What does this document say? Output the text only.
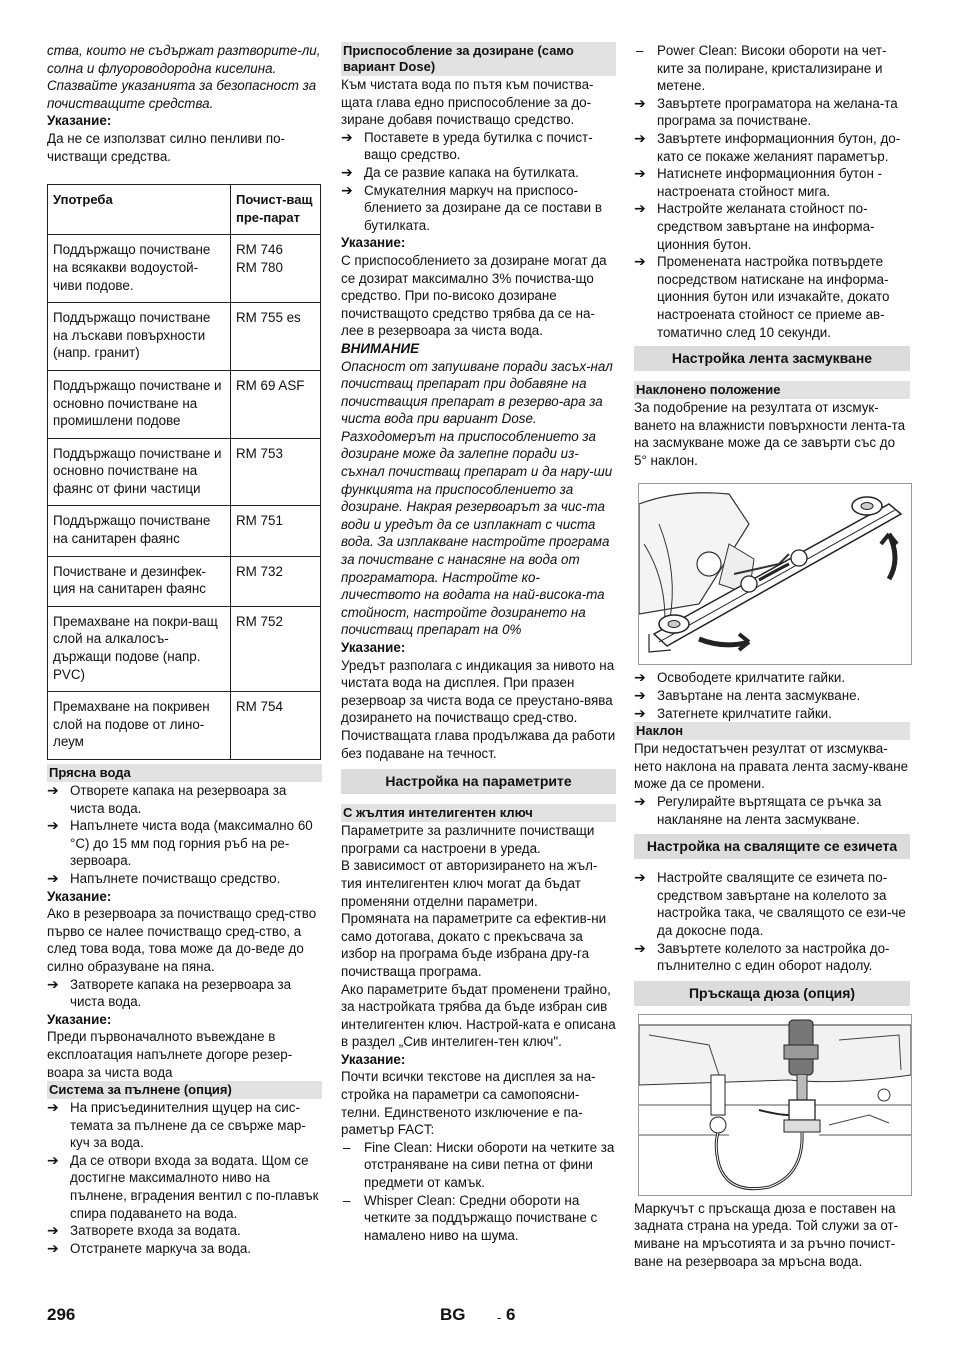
ства, които не съдържат разтворите-ли, солна и флуороводородна киселина. Спазвайте указанията за безопасност за почистващите средства.

Указание:

Да не се използват силно пенливи по-чистващи средства.

Употреба	Почист-ващ пре-парат
Поддържащо почистване на всякакви водоустой-чиви подове.	RM 746
RM 780
Поддържащо почистване на лъскави повърхности (напр. гранит)	RM 755 es
Поддържащо почистване и основно почистване на промишлени подове	RM 69 ASF
Поддържащо почистване и основно почистване на фаянс от фини частици	RM 753
Поддържащо почистване на санитарен фаянс	RM 751
Почистване и дезинфек-ция на санитарен фаянс	RM 732
Премахване на покри-ващ слой на алкалосъ-държащи подове (напр. PVC)	RM 752
Премахване на покривен слой на подове от лино-леум	RM 754

Прясна вода

➔ Отворете капака на резервоара за чиста вода.

➔ Напълнете чиста вода (максимално 60 °C) до 15 мм под горния ръб на ре-зервоара.

➔ Напълнете почистващо средство.

Указание:

Ако в резервоара за почистващо сред-ство първо се налее почистващо сред-ство, а след това вода, това може да до-веде до силно образуване на пяна.

➔ Затворете капака на резервоара за чиста вода.

Указание:

Преди първоначалното въвеждане в експлоатация напълнете догоре резер-воара за чиста вода

Система за пълнене (опция)

➔ На присъединителния щуцер на сис-темата за пълнене да се свърже мар-куч за вода.

➔ Да се отвори входа за водата. Щом се достигне максималното ниво на пълнене, вградения вентил с по-плавък спира подаването на вода.

➔ Затворете входа за водата.

➔ Отстранете маркуча за вода.

Приспособление за дозиране (само вариант Dose)

Към чистата вода по пътя към почиства-щата глава едно приспособление за до-зиране добавя почистващо средство.

➔ Поставете в уреда бутилка с почист-ващо средство.

➔ Да се развие капака на бутилката.

➔ Смукателния маркуч на приспосо-блението за дозиране да се постави в бутилката.

Указание:

С приспособлението за дозиране могат да се дозират максимално 3% почиства-що средство. При по-високо дозиране почистващото средство трябва да се на-лее в резервоара за чиста вода.

ВНИМАНИЕ

Опасност от запушване поради засъх-нал почистващ препарат при добавяне на почистващия препарат в резерво-ара за чиста вода при вариант Dose. Разходомерът на приспособлението за дозиране може да залепне поради из-съхнал почистващ препарат и да нару-ши функцията на приспособлението за дозиране. Накрая резервоарът за чис-та води и уредът да се изплакнат с чиста вода. За изплакване настройте програма за почистване с нанасяне на вода от програматора. Настройте ко-личеството на водата на най-висока-та стойност, настройте дозирането на почистващ препарат на 0%

Указание:

Уредът разполага с индикация за нивото на чистата вода на дисплея. При празен резервоар за чиста вода се преустано-вява дозирането на почистващо сред-ство. Почистващата глава продължава да работи без подаване на течност.

Настройка на параметрите

С жълтия интелигентен ключ

Параметрите за различните почистващи програми са настроени в уреда.

В зависимост от авторизирането на жъл-тия интелигентен ключ могат да бъдат променяни отделни параметри.

Промяната на параметрите са ефектив-ни само дотогава, докато с прекъсвача за избор на програма бъде избрана дру-га почистваща програма.

Ако параметрите бъдат променени трайно, за настройката трябва да бъде избран сив интелигентен ключ. Настрой-ката е описана в раздел „Сив интелиген-тен ключ".

Указание:

Почти всички текстове на дисплея за на-стройка на параметри са самопоясни-телни. Единственото изключение е па-раметър FACT:

– Fine Clean: Ниски обороти на четките за отстраняване на сиви петна от фини предмети от камък.

– Whisper Clean: Средни обороти на четките за поддържащо почистване с намалено ниво на шума.

– Power Clean: Високи обороти на чет-ките за полиране, кристализиране и метене.

➔ Завъртете програматора на желана-та програма за почистване.

➔ Завъртете информационния бутон, до-като се покаже желаният параметър.

➔ Натиснете информационния бутон - настроената стойност мига.

➔ Настройте желаната стойност по-средством завъртане на информа-ционния бутон.

➔ Променената настройка потвърдете посредством натискане на информа-ционния бутон или изчакайте, докато настроената стойност се приеме ав-томатично след 10 секунди.

Настройка лента засмукване

Наклонено положение

За подобрение на резултата от изсмук-ването на влажнисти повърхности лента-та на засмукване може да се завърти със до 5° наклон.

➔ Освободете крилчатите гайки.

➔ Завъртане на лента засмукване.

➔ Затегнете крилчатите гайки.

Наклон

При недостатъчен резултат от изсмуква-нето наклона на правата лента засму-кване може да се промени.

➔ Регулирайте въртящата се ръчка за накланяне на лента засмукване.

Настройка на свалящите се езичета

➔ Настройте свалящите се езичета по-средством завъртане на колелото за настройка така, че свалящото се ези-че да докосне пода.

➔ Завъртете колелото за настройка до-пълнително с един оборот надолу.

Пръскаща дюза (опция)

Маркучът с пръскаща дюза е поставен на задната страна на уреда. Той служи за от-миване на мръсотията и за ръчно почист-ване на резервоара за мръсна вода.

296	BG - 6
